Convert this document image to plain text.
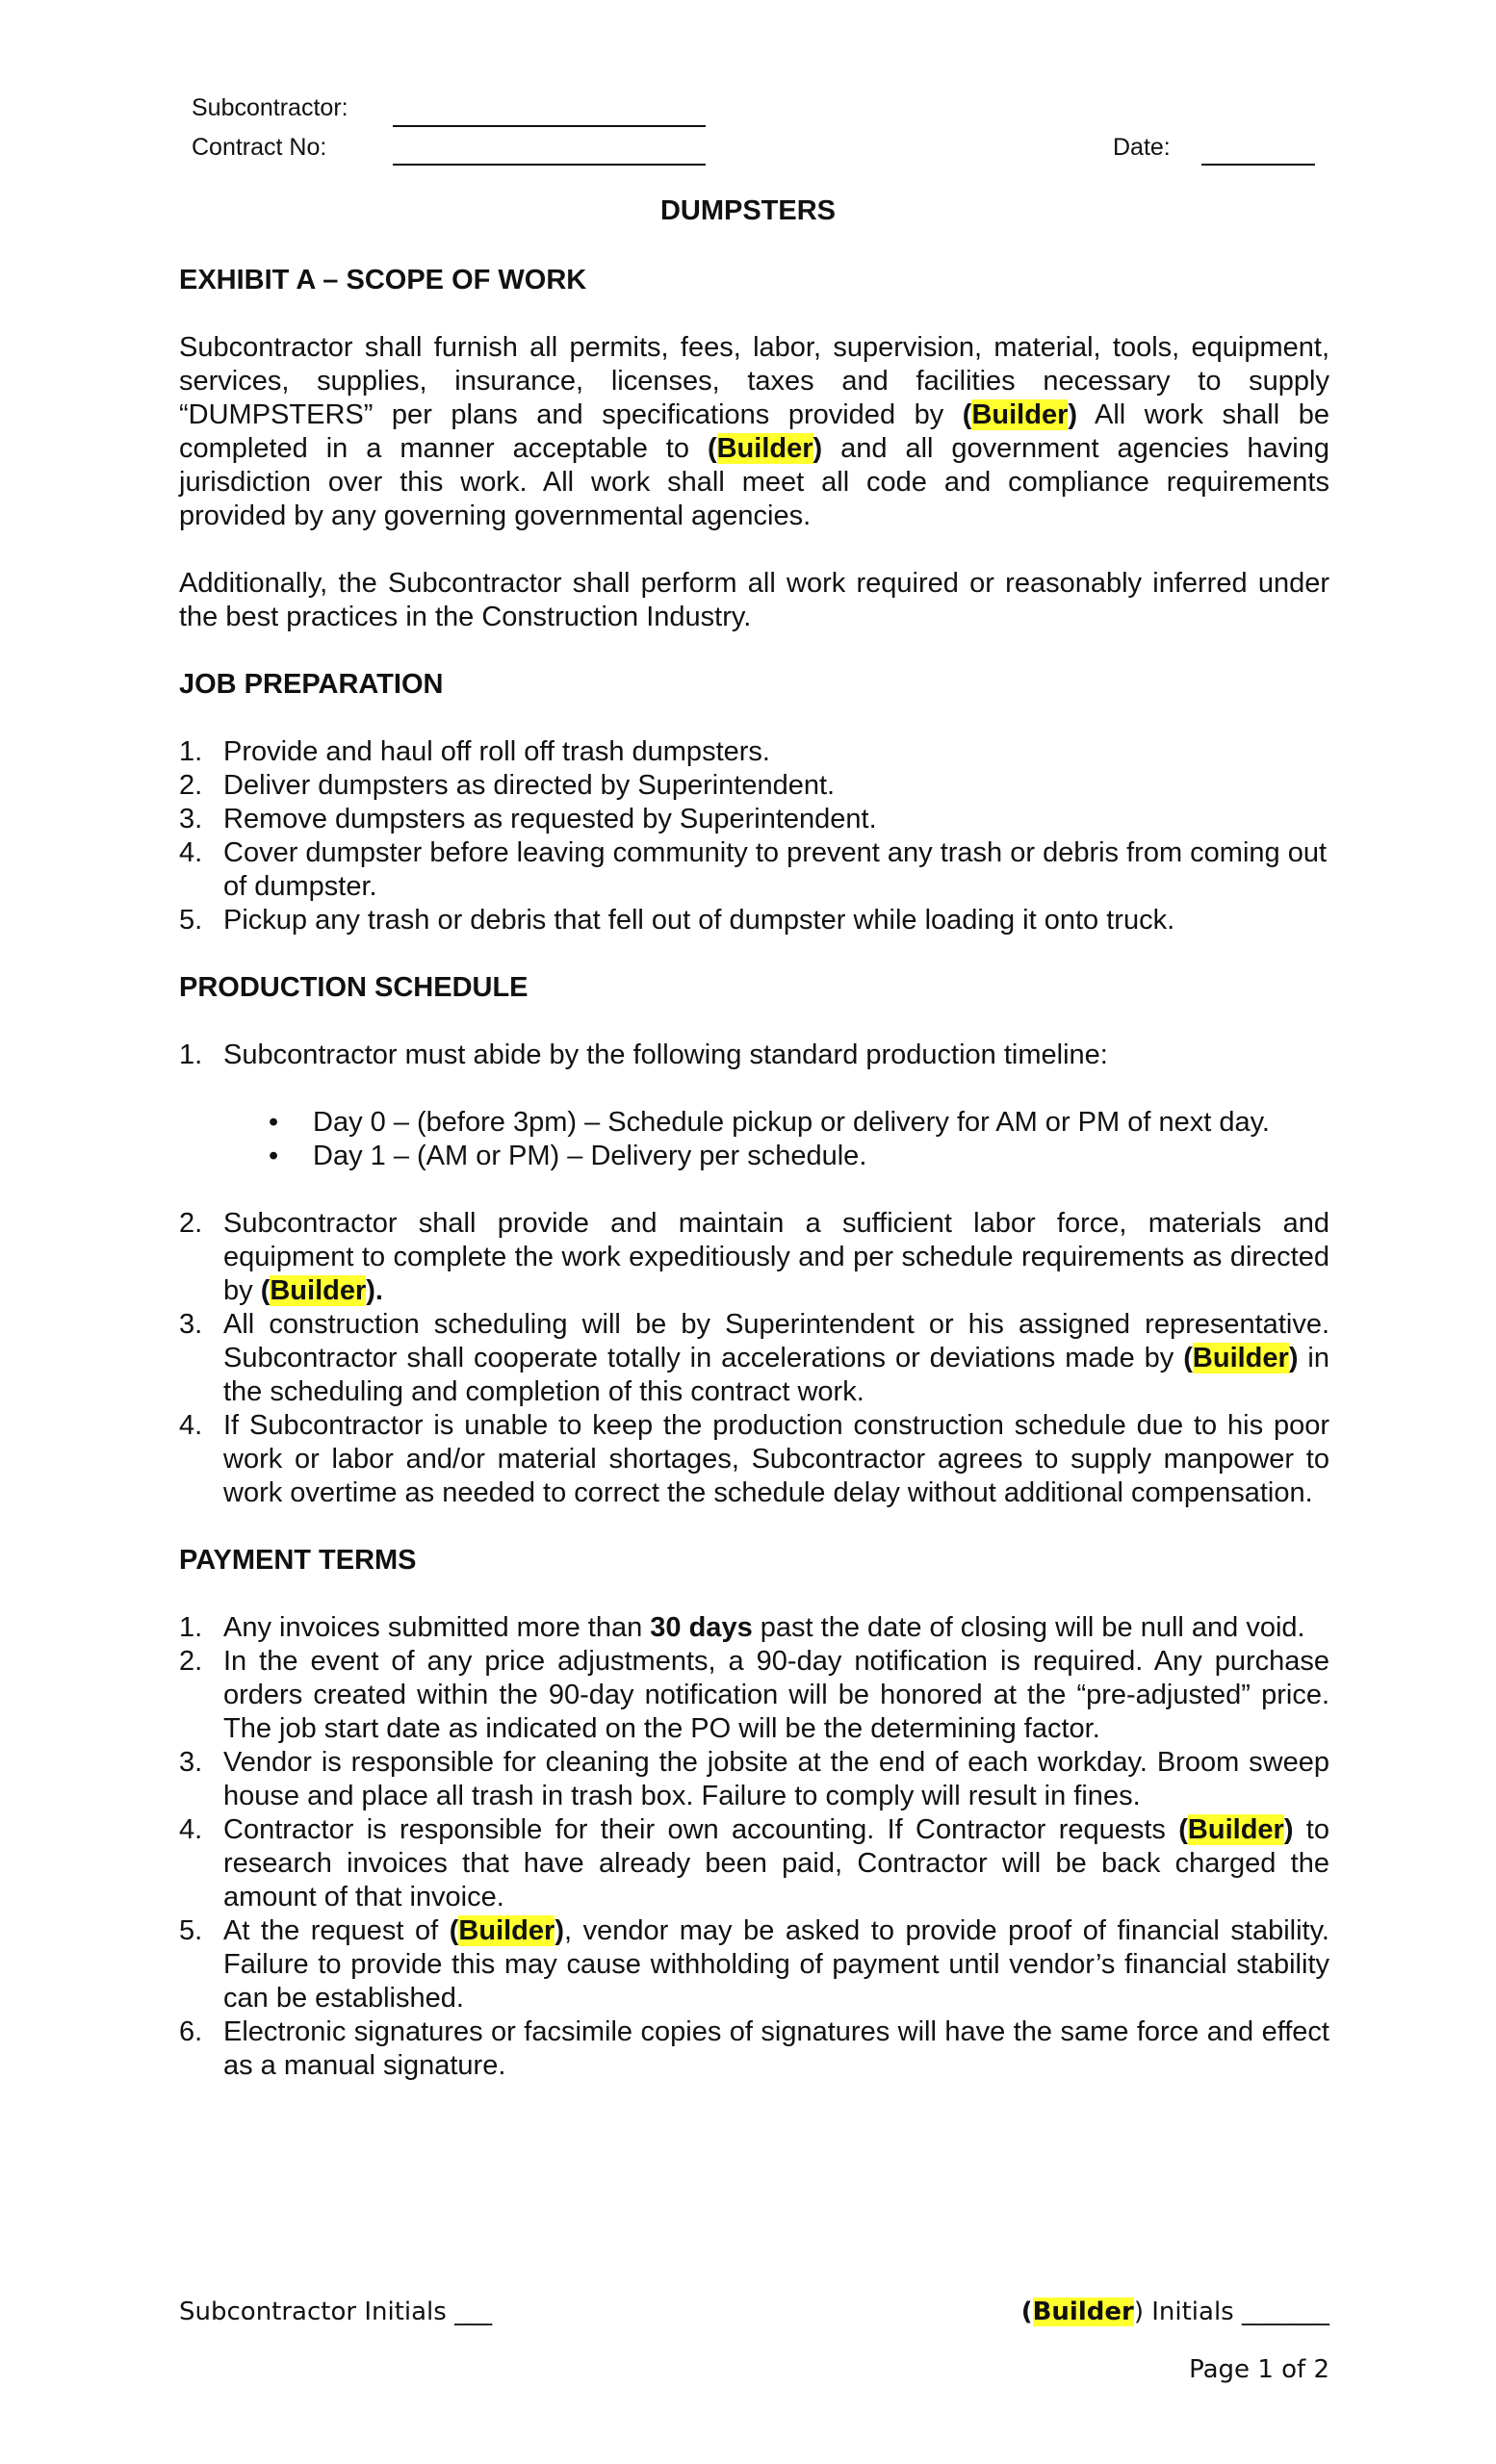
Subcontractor:
Contract No:	Date:
DUMPSTERS
EXHIBIT A – SCOPE OF WORK
Subcontractor shall furnish all permits, fees, labor, supervision, material, tools, equipment, services, supplies, insurance, licenses, taxes and facilities necessary to supply “DUMPSTERS” per plans and specifications provided by (Builder) All work shall be completed in a manner acceptable to (Builder) and all government agencies having jurisdiction over this work. All work shall meet all code and compliance requirements provided by any governing governmental agencies.
Additionally, the Subcontractor shall perform all work required or reasonably inferred under the best practices in the Construction Industry.
JOB PREPARATION
1. Provide and haul off roll off trash dumpsters.
2. Deliver dumpsters as directed by Superintendent.
3. Remove dumpsters as requested by Superintendent.
4. Cover dumpster before leaving community to prevent any trash or debris from coming out of dumpster.
5. Pickup any trash or debris that fell out of dumpster while loading it onto truck.
PRODUCTION SCHEDULE
1. Subcontractor must abide by the following standard production timeline:
• Day 0 – (before 3pm) – Schedule pickup or delivery for AM or PM of next day.
• Day 1 – (AM or PM) – Delivery per schedule.
2. Subcontractor shall provide and maintain a sufficient labor force, materials and equipment to complete the work expeditiously and per schedule requirements as directed by (Builder).
3. All construction scheduling will be by Superintendent or his assigned representative. Subcontractor shall cooperate totally in accelerations or deviations made by (Builder) in the scheduling and completion of this contract work.
4. If Subcontractor is unable to keep the production construction schedule due to his poor work or labor and/or material shortages, Subcontractor agrees to supply manpower to work overtime as needed to correct the schedule delay without additional compensation.
PAYMENT TERMS
1. Any invoices submitted more than 30 days past the date of closing will be null and void.
2. In the event of any price adjustments, a 90-day notification is required. Any purchase orders created within the 90-day notification will be honored at the “pre-adjusted” price. The job start date as indicated on the PO will be the determining factor.
3. Vendor is responsible for cleaning the jobsite at the end of each workday. Broom sweep house and place all trash in trash box. Failure to comply will result in fines.
4. Contractor is responsible for their own accounting. If Contractor requests (Builder) to research invoices that have already been paid, Contractor will be back charged the amount of that invoice.
5. At the request of (Builder), vendor may be asked to provide proof of financial stability. Failure to provide this may cause withholding of payment until vendor’s financial stability can be established.
6. Electronic signatures or facsimile copies of signatures will have the same force and effect as a manual signature.
Subcontractor Initials ___	(Builder) Initials _______
Page 1 of 2
